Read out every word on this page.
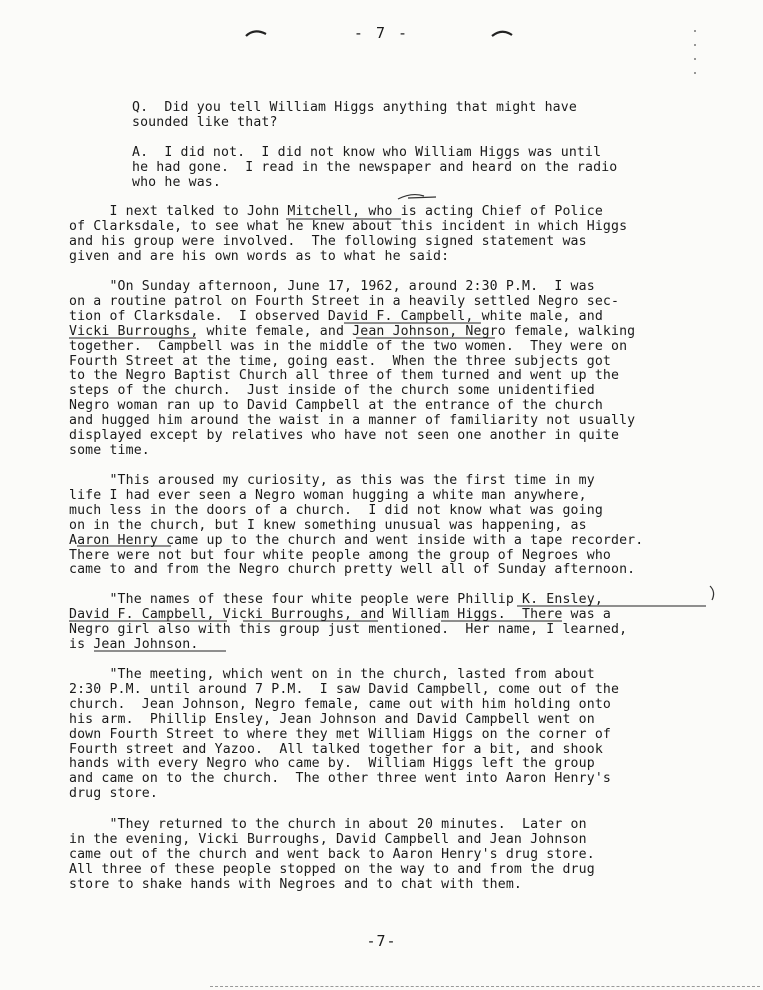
- 7 -
Q.  Did you tell William Higgs anything that might have
sounded like that?
A.  I did not.  I did not know who William Higgs was until
he had gone.  I read in the newspaper and heard on the radio
who he was.
I next talked to John Mitchell, who is acting Chief of Police
of Clarksdale, to see what he knew about this incident in which Higgs
and his group were involved.  The following signed statement was
given and are his own words as to what he said:
"On Sunday afternoon, June 17, 1962, around 2:30 P.M.  I was
on a routine patrol on Fourth Street in a heavily settled Negro sec-
tion of Clarksdale.  I observed David F. Campbell, white male, and
Vicki Burroughs, white female, and Jean Johnson, Negro female, walking
together.  Campbell was in the middle of the two women.  They were on
Fourth Street at the time, going east.  When the three subjects got
to the Negro Baptist Church all three of them turned and went up the
steps of the church.  Just inside of the church some unidentified
Negro woman ran up to David Campbell at the entrance of the church
and hugged him around the waist in a manner of familiarity not usually
displayed except by relatives who have not seen one another in quite
some time.
"This aroused my curiosity, as this was the first time in my
life I had ever seen a Negro woman hugging a white man anywhere,
much less in the doors of a church.  I did not know what was going
on in the church, but I knew something unusual was happening, as
Aaron Henry came up to the church and went inside with a tape recorder.
There were not but four white people among the group of Negroes who
came to and from the Negro church pretty well all of Sunday afternoon.
"The names of these four white people were Phillip K. Ensley,
David F. Campbell, Vicki Burroughs, and William Higgs.  There was a
Negro girl also with this group just mentioned.  Her name, I learned,
is Jean Johnson.
"The meeting, which went on in the church, lasted from about
2:30 P.M. until around 7 P.M.  I saw David Campbell, come out of the
church.  Jean Johnson, Negro female, came out with him holding onto
his arm.  Phillip Ensley, Jean Johnson and David Campbell went on
down Fourth Street to where they met William Higgs on the corner of
Fourth street and Yazoo.  All talked together for a bit, and shook
hands with every Negro who came by.  William Higgs left the group
and came on to the church.  The other three went into Aaron Henry's
drug store.
"They returned to the church in about 20 minutes.  Later on
in the evening, Vicki Burroughs, David Campbell and Jean Johnson
came out of the church and went back to Aaron Henry's drug store.
All three of these people stopped on the way to and from the drug
store to shake hands with Negroes and to chat with them.
-7-
